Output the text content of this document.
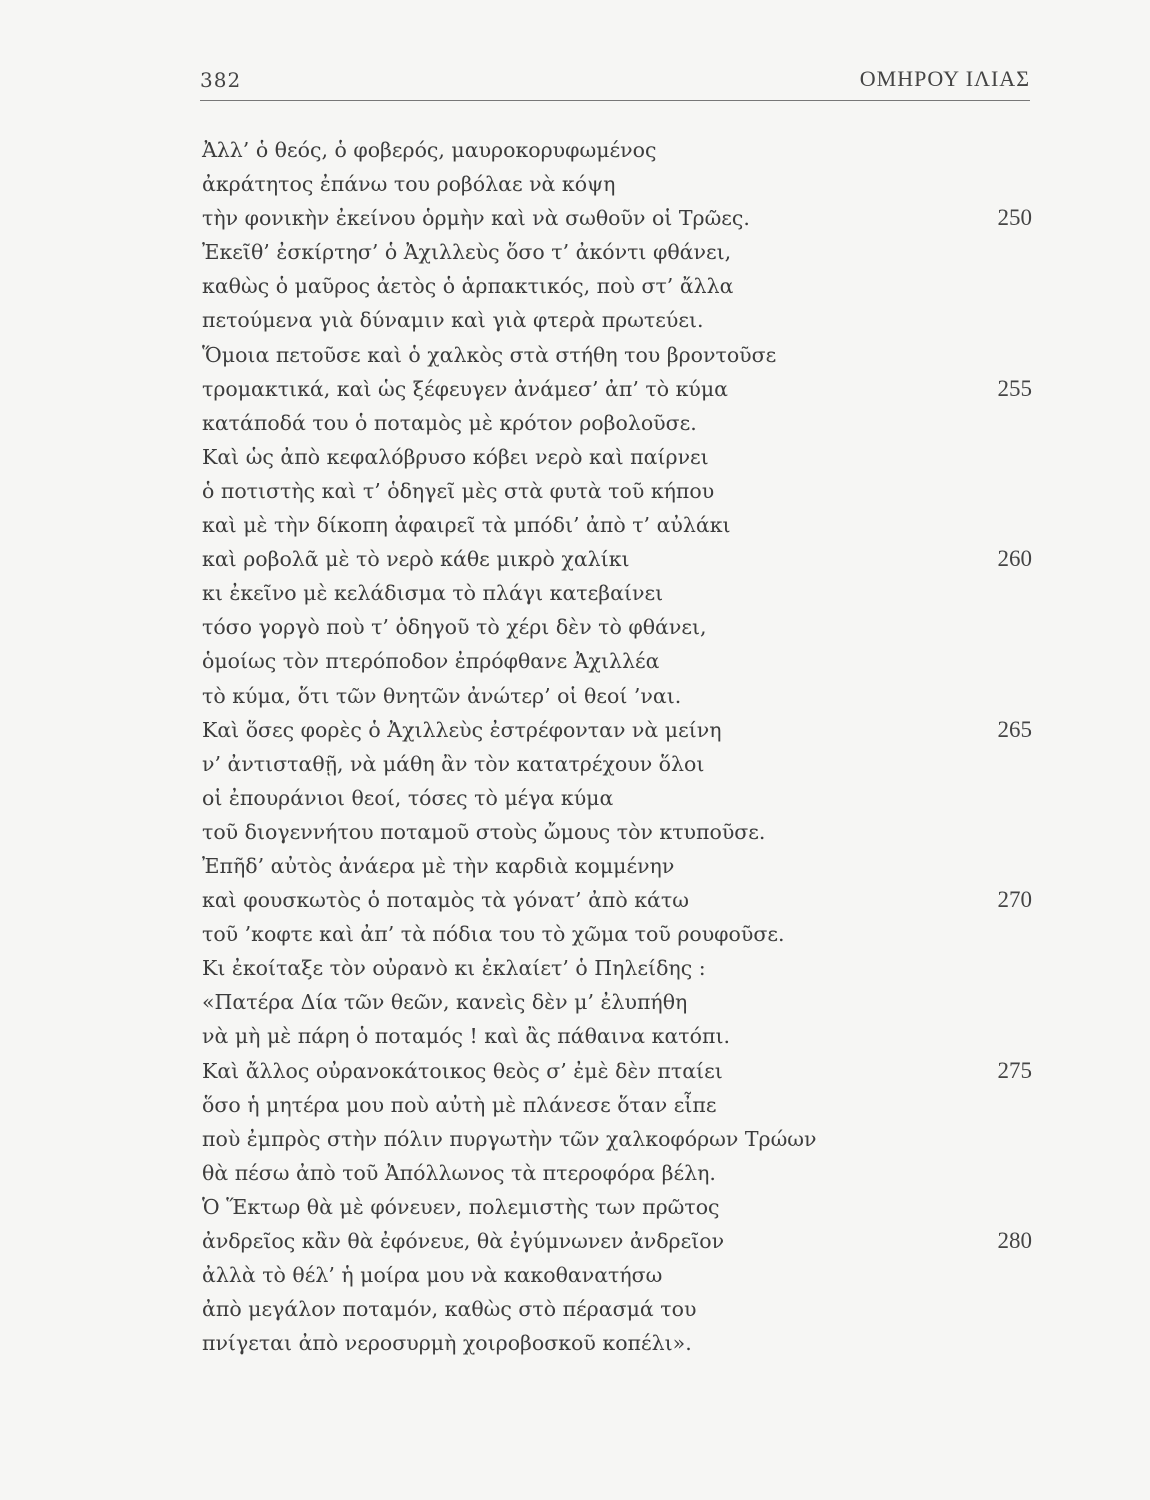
382	ΟΜΗΡΟΥ ΙΛΙΑΣ
Ἀλλ’ ὁ θεός, ὁ φοβερός, μαυροκορυφωμένος
ἀκράτητος ἐπάνω του ροβόλαε νὰ κόψη
τὴν φονικὴν ἐκείνου ὁρμὴν καὶ νὰ σωθοῦν οἱ Τρῶες.	250
Ἐκεῖθ’ ἐσκίρτησ’ ὁ Ἀχιλλεὺς ὅσο τ’ ἀκόντι φθάνει,
καθὼς ὁ μαῦρος ἀετὸς ὁ ἁρπακτικός, ποὺ στ’ ἄλλα
πετούμενα γιὰ δύναμιν καὶ γιὰ φτερὰ πρωτεύει.
Ὅμοια πετοῦσε καὶ ὁ χαλκὸς στὰ στήθη του βροντοῦσε
τρομακτικά, καὶ ὡς ξέφευγεν ἀνάμεσ’ ἀπ’ τὸ κύμα	255
κατάποδά του ὁ ποταμὸς μὲ κρότον ροβολοῦσε.
Καὶ ὡς ἀπὸ κεφαλόβρυσο κόβει νερὸ καὶ παίρνει
ὁ ποτιστὴς καὶ τ’ ὁδηγεῖ μὲς στὰ φυτὰ τοῦ κήπου
καὶ μὲ τὴν δίκοπη ἀφαιρεῖ τὰ μπόδι’ ἀπὸ τ’ αὐλάκι
καὶ ροβολᾶ μὲ τὸ νερὸ κάθε μικρὸ χαλίκι	260
κι ἐκεῖνο μὲ κελάδισμα τὸ πλάγι κατεβαίνει
τόσο γοργὸ ποὺ τ’ ὁδηγοῦ τὸ χέρι δὲν τὸ φθάνει,
ὁμοίως τὸν πτερόποδον ἐπρόφθανε Ἀχιλλέα
τὸ κύμα, ὅτι τῶν θνητῶν ἀνώτερ’ οἱ θεοί ’ναι.
Καὶ ὅσες φορὲς ὁ Ἀχιλλεὺς ἐστρέφονταν νὰ μείνη	265
ν’ ἀντισταθῇ, νὰ μάθη ἂν τὸν κατατρέχουν ὅλοι
οἱ ἐπουράνιοι θεοί, τόσες τὸ μέγα κύμα
τοῦ διογεννήτου ποταμοῦ στοὺς ὤμους τὸν κτυποῦσε.
Ἐπῆδ’ αὐτὸς ἀνάερα μὲ τὴν καρδιὰ κομμένην
καὶ φουσκωτὸς ὁ ποταμὸς τὰ γόνατ’ ἀπὸ κάτω	270
τοῦ ’κοφτε καὶ ἀπ’ τὰ πόδια του τὸ χῶμα τοῦ ρουφοῦσε.
Κι ἐκοίταξε τὸν οὐρανὸ κι ἐκλαίετ’ ὁ Πηλείδης :
«Πατέρα Δία τῶν θεῶν, κανεὶς δὲν μ’ ἐλυπήθη
νὰ μὴ μὲ πάρη ὁ ποταμός ! καὶ ἂς πάθαινα κατόπι.
Καὶ ἄλλος οὐρανοκάτοικος θεὸς σ’ ἐμὲ δὲν πταίει	275
ὅσο ἡ μητέρα μου ποὺ αὐτὴ μὲ πλάνεσε ὅταν εἶπε
ποὺ ἐμπρὸς στὴν πόλιν πυργωτὴν τῶν χαλκοφόρων Τρώων
θὰ πέσω ἀπὸ τοῦ Ἀπόλλωνος τὰ πτεροφόρα βέλη.
Ὁ Ἕκτωρ θὰ μὲ φόνευεν, πολεμιστὴς των πρῶτος
ἀνδρεῖος κἂν θὰ ἐφόνευε, θὰ ἐγύμνωνεν ἀνδρεῖον	280
ἀλλὰ τὸ θέλ’ ἡ μοίρα μου νὰ κακοθανατήσω
ἀπὸ μεγάλον ποταμόν, καθὼς στὸ πέρασμά του
πνίγεται ἀπὸ νεροσυρμὴ χοιροβοσκοῦ κοπέλι».
